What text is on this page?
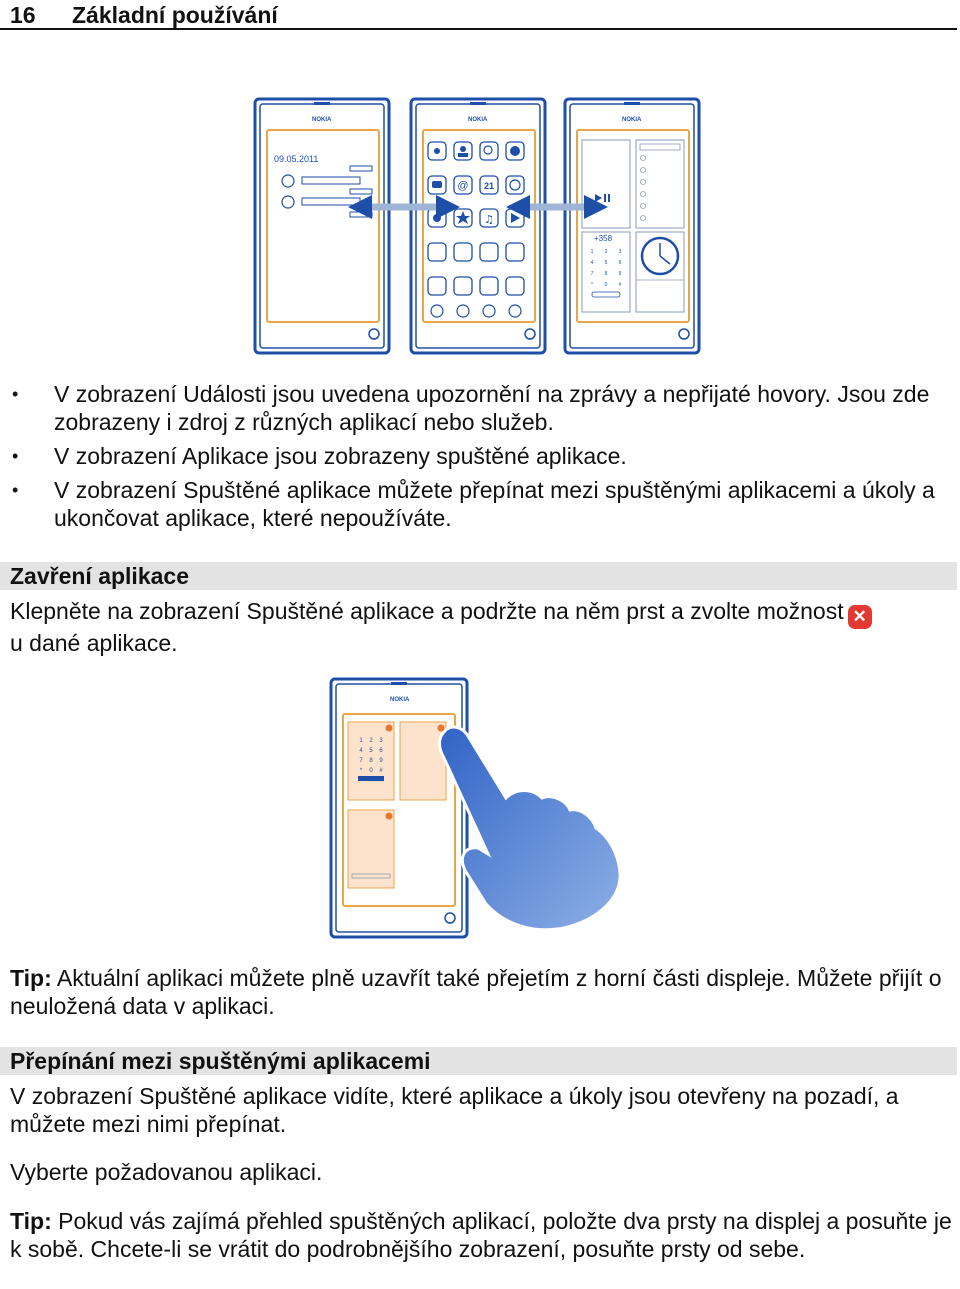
16 Základní používání
NOKIA
09.05.2011
NOKIA
@ 21
♫
NOKIA
+358
1 2 3
4 5 6
7 8 9
* 0 #
• V zobrazení Události jsou uvedena upozornění na zprávy a nepřijaté hovory. Jsou zde zobrazeny i zdroj z různých aplikací nebo služeb.
• V zobrazení Aplikace jsou zobrazeny spuštěné aplikace.
• V zobrazení Spuštěné aplikace můžete přepínat mezi spuštěnými aplikacemi a úkoly a ukončovat aplikace, které nepoužíváte.
Zavření aplikace
Klepněte na zobrazení Spuštěné aplikace a podržte na něm prst a zvolte možnost ✕
u dané aplikace.
NOKIA
1 2 3
4 5 6
7 8 9
* 0 #
Tip: Aktuální aplikaci můžete plně uzavřít také přejetím z horní části displeje. Můžete přijít o neuložená data v aplikaci.
Přepínání mezi spuštěnými aplikacemi
V zobrazení Spuštěné aplikace vidíte, které aplikace a úkoly jsou otevřeny na pozadí, a můžete mezi nimi přepínat.
Vyberte požadovanou aplikaci.
Tip: Pokud vás zajímá přehled spuštěných aplikací, položte dva prsty na displej a posuňte je k sobě. Chcete-li se vrátit do podrobnějšího zobrazení, posuňte prsty od sebe.
